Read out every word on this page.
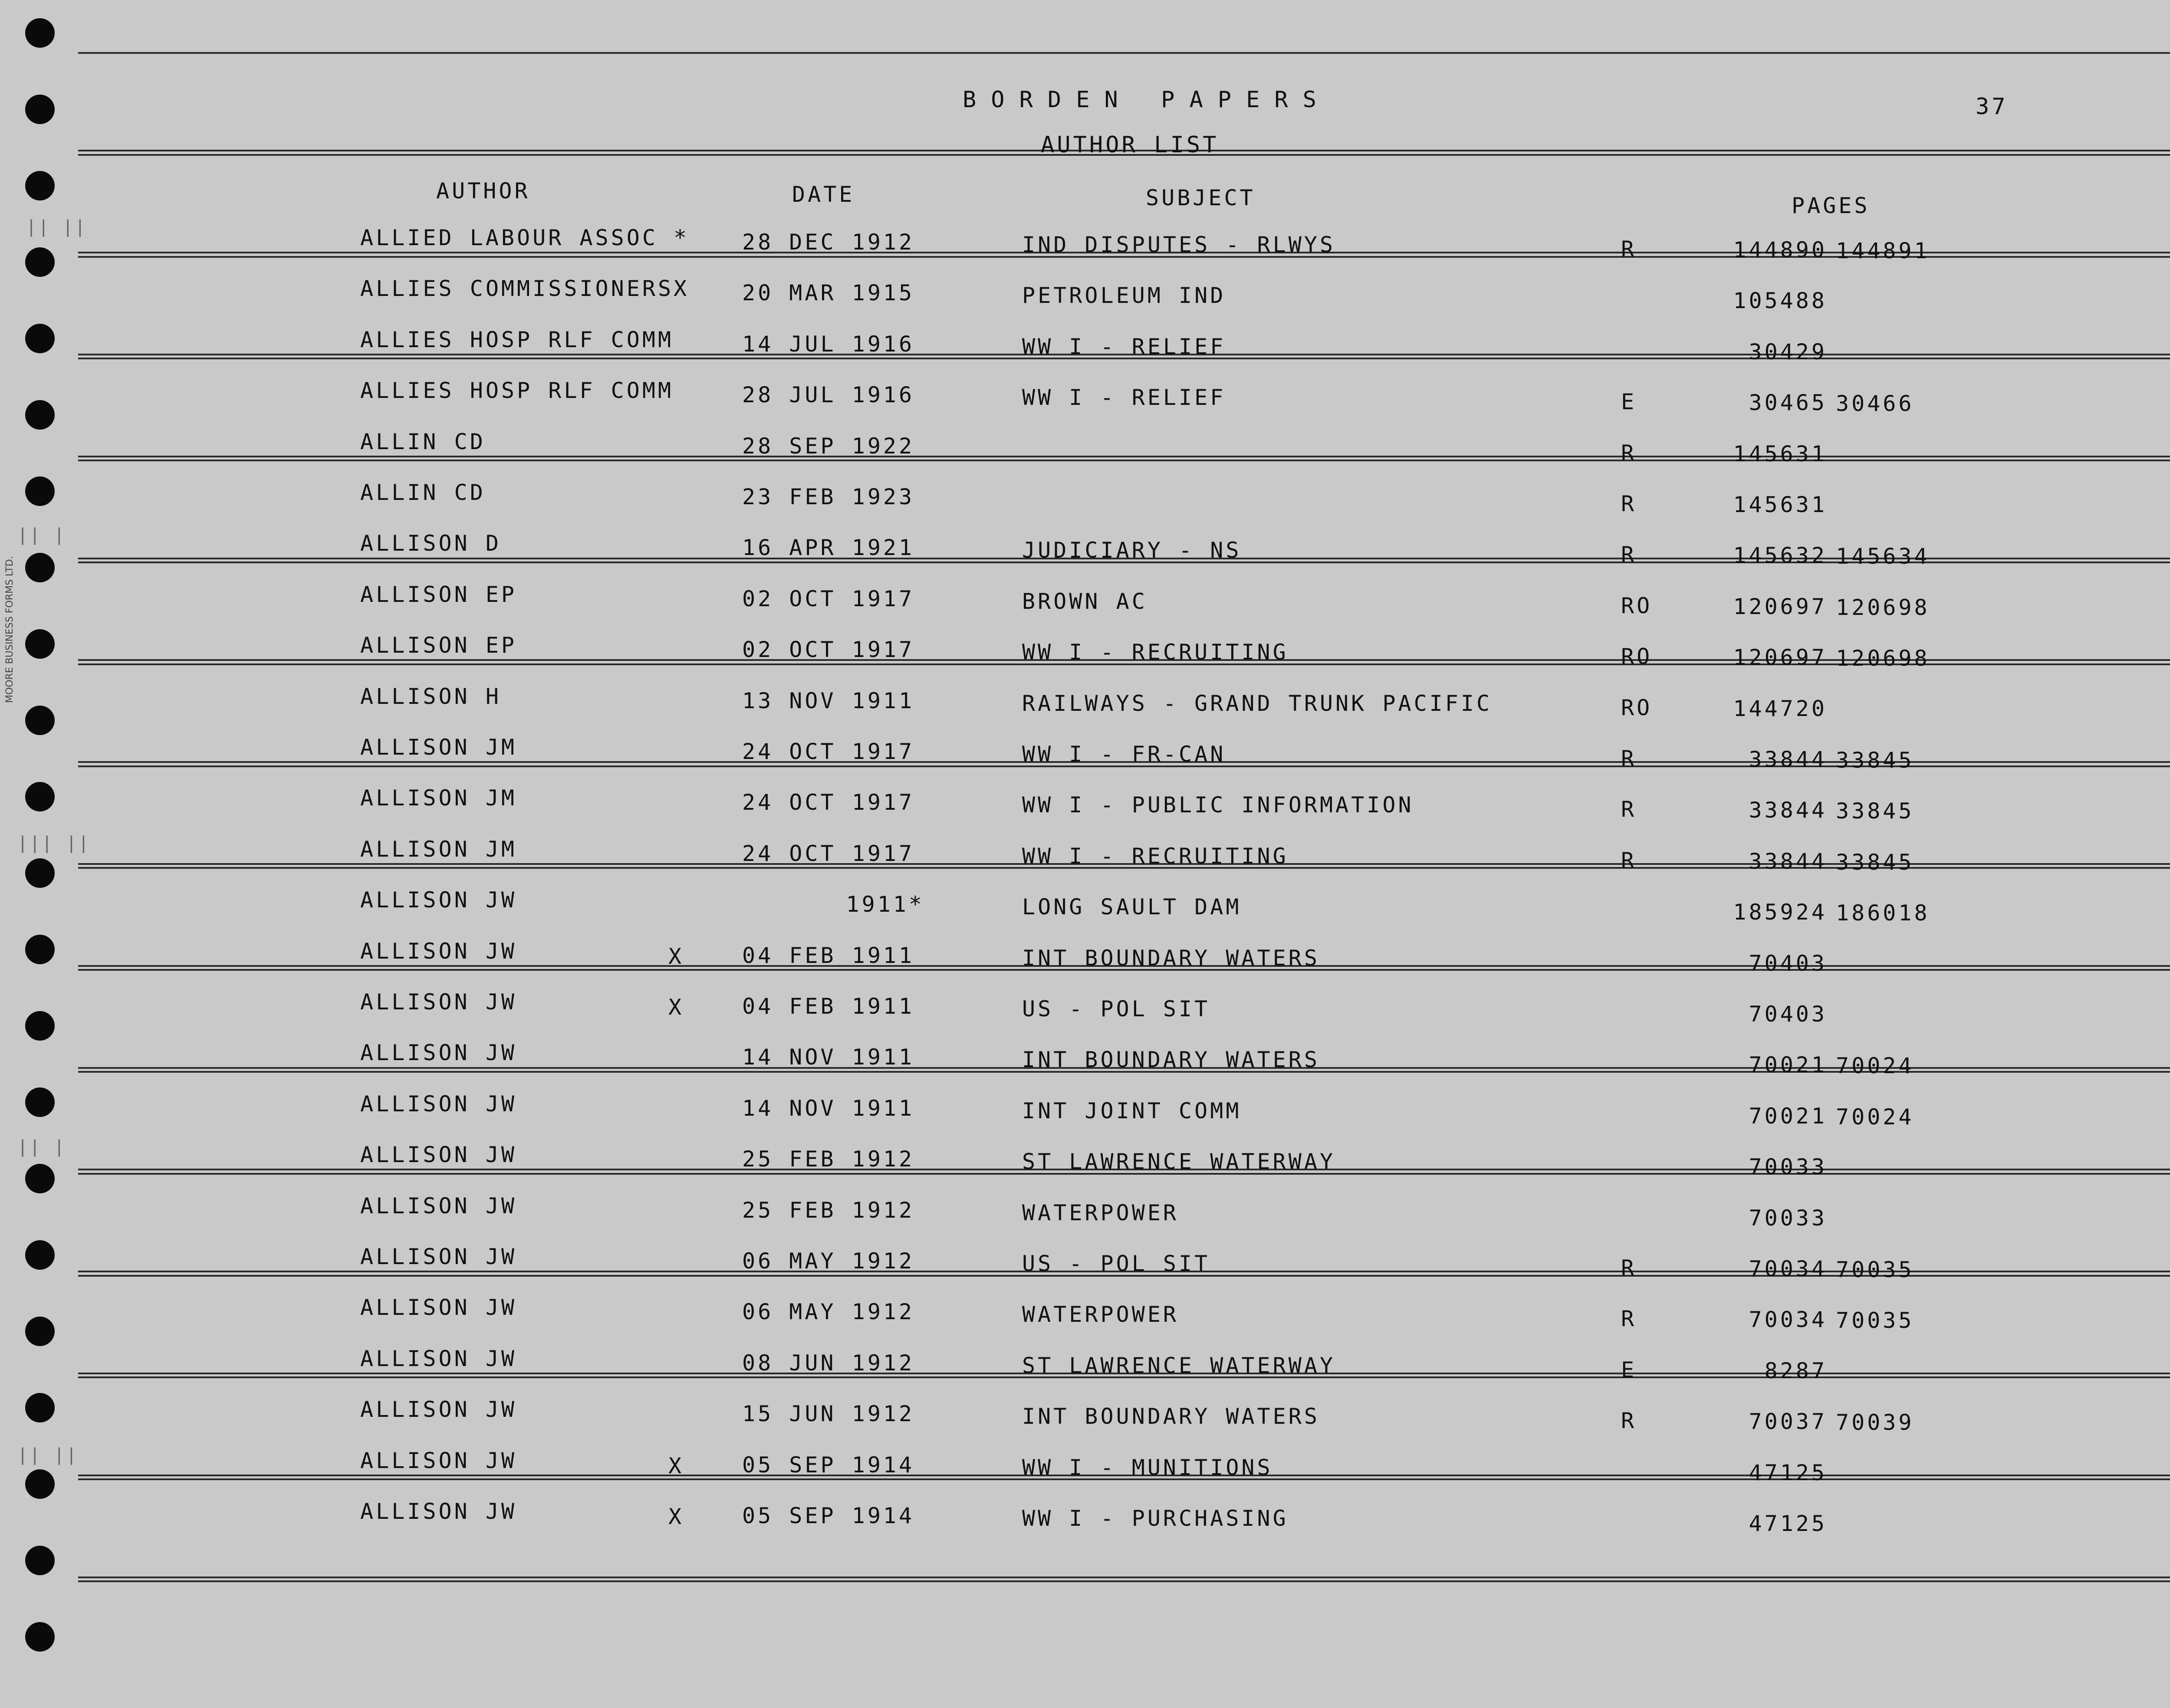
|| ||
|| |
||| ||
|| |
|| ||
MOORE BUSINESS FORMS LTD.
BORDEN PAPERS	37
AUTHOR LIST
AUTHOR	DATE	SUBJECT	PAGES
ALLIED LABOUR ASSOC * 28 DEC 1912	IND DISPUTES - RLWYS	R	144890 144891
ALLIES COMMISSIONERSX 20 MAR 1915	PETROLEUM IND	105488
ALLIES HOSP RLF COMM	14 JUL 1916	WW I - RELIEF	30429
ALLIES HOSP RLF COMM	28 JUL 1916	WW I - RELIEF	E	30465 30466
ALLIN CD	28 SEP 1922	R	145631
ALLIN CD	23 FEB 1923	R	145631
ALLISON D	16 APR 1921	JUDICIARY - NS	R	145632 145634
ALLISON EP	02 OCT 1917	BROWN AC	RO	120697 120698
ALLISON EP	02 OCT 1917	WW I - RECRUITING	RO	120697 120698
ALLISON H	13 NOV 1911	RAILWAYS - GRAND TRUNK PACIFIC	RO	144720
ALLISON JM	24 OCT 1917	WW I - FR-CAN	R	33844 33845
ALLISON JM	24 OCT 1917	WW I - PUBLIC INFORMATION	R	33844 33845
ALLISON JM	24 OCT 1917	WW I - RECRUITING	R	33844 33845
ALLISON JW	1911*	LONG SAULT DAM	185924 186018
ALLISON JW	X	04 FEB 1911	INT BOUNDARY WATERS	70403
ALLISON JW	X	04 FEB 1911	US - POL SIT	70403
ALLISON JW	14 NOV 1911	INT BOUNDARY WATERS	70021 70024
ALLISON JW	14 NOV 1911	INT JOINT COMM	70021 70024
ALLISON JW	25 FEB 1912	ST LAWRENCE WATERWAY	70033
ALLISON JW	25 FEB 1912	WATERPOWER	70033
ALLISON JW	06 MAY 1912	US - POL SIT	R	70034 70035
ALLISON JW	06 MAY 1912	WATERPOWER	R	70034 70035
ALLISON JW	08 JUN 1912	ST LAWRENCE WATERWAY	E	8287
ALLISON JW	15 JUN 1912	INT BOUNDARY WATERS	R	70037 70039
ALLISON JW	X	05 SEP 1914	WW I - MUNITIONS	47125
ALLISON JW	X	05 SEP 1914	WW I - PURCHASING	47125
